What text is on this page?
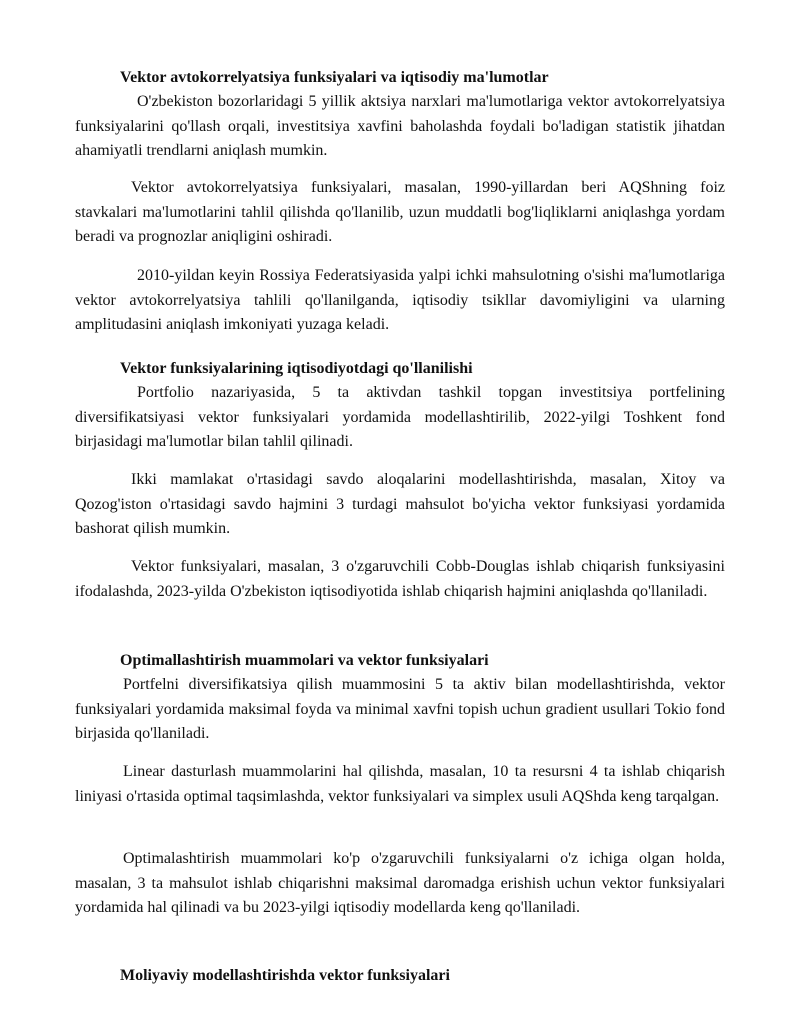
Vektor avtokorrelyatsiya funksiyalari va iqtisodiy ma'lumotlar

O'zbekiston bozorlaridagi 5 yillik aktsiya narxlari ma'lumotlariga vektor avtokorrelyatsiya funksiyalarini qo'llash orqali, investitsiya xavfini baholashda foydali bo'ladigan statistik jihatdan ahamiyatli trendlarni aniqlash mumkin.

Vektor avtokorrelyatsiya funksiyalari, masalan, 1990-yillardan beri AQShning foiz stavkalari ma'lumotlarini tahlil qilishda qo'llanilib, uzun muddatli bog'liqliklarni aniqlashga yordam beradi va prognozlar aniqligini oshiradi.

2010-yildan keyin Rossiya Federatsiyasida yalpi ichki mahsulotning o'sishi ma'lumotlariga vektor avtokorrelyatsiya tahlili qo'llanilganda, iqtisodiy tsikllar davomiyligini va ularning amplitudasini aniqlash imkoniyati yuzaga keladi.

Vektor funksiyalarining iqtisodiyotdagi qo'llanilishi

Portfolio nazariyasida, 5 ta aktivdan tashkil topgan investitsiya portfelining diversifikatsiyasi vektor funksiyalari yordamida modellashtirilib, 2022-yilgi Toshkent fond birjasidagi ma'lumotlar bilan tahlil qilinadi.

Ikki mamlakat o'rtasidagi savdo aloqalarini modellashtirishda, masalan, Xitoy va Qozog'iston o'rtasidagi savdo hajmini 3 turdagi mahsulot bo'yicha vektor funksiyasi yordamida bashorat qilish mumkin.

Vektor funksiyalari, masalan, 3 o'zgaruvchili Cobb-Douglas ishlab chiqarish funksiyasini ifodalashda, 2023-yilda O'zbekiston iqtisodiyotida ishlab chiqarish hajmini aniqlashda qo'llaniladi.

Optimallashtirish muammolari va vektor funksiyalari

Portfelni diversifikatsiya qilish muammosini 5 ta aktiv bilan modellashtirishda, vektor funksiyalari yordamida maksimal foyda va minimal xavfni topish uchun gradient usullari Tokio fond birjasida qo'llaniladi.

Linear dasturlash muammolarini hal qilishda, masalan, 10 ta resursni 4 ta ishlab chiqarish liniyasi o'rtasida optimal taqsimlashda, vektor funksiyalari va simplex usuli AQShda keng tarqalgan.

Optimalashtirish muammolari ko'p o'zgaruvchili funksiyalarni o'z ichiga olgan holda, masalan, 3 ta mahsulot ishlab chiqarishni maksimal daromadga erishish uchun vektor funksiyalari yordamida hal qilinadi va bu 2023-yilgi iqtisodiy modellarda keng qo'llaniladi.

Moliyaviy modellashtirishda vektor funksiyalari
